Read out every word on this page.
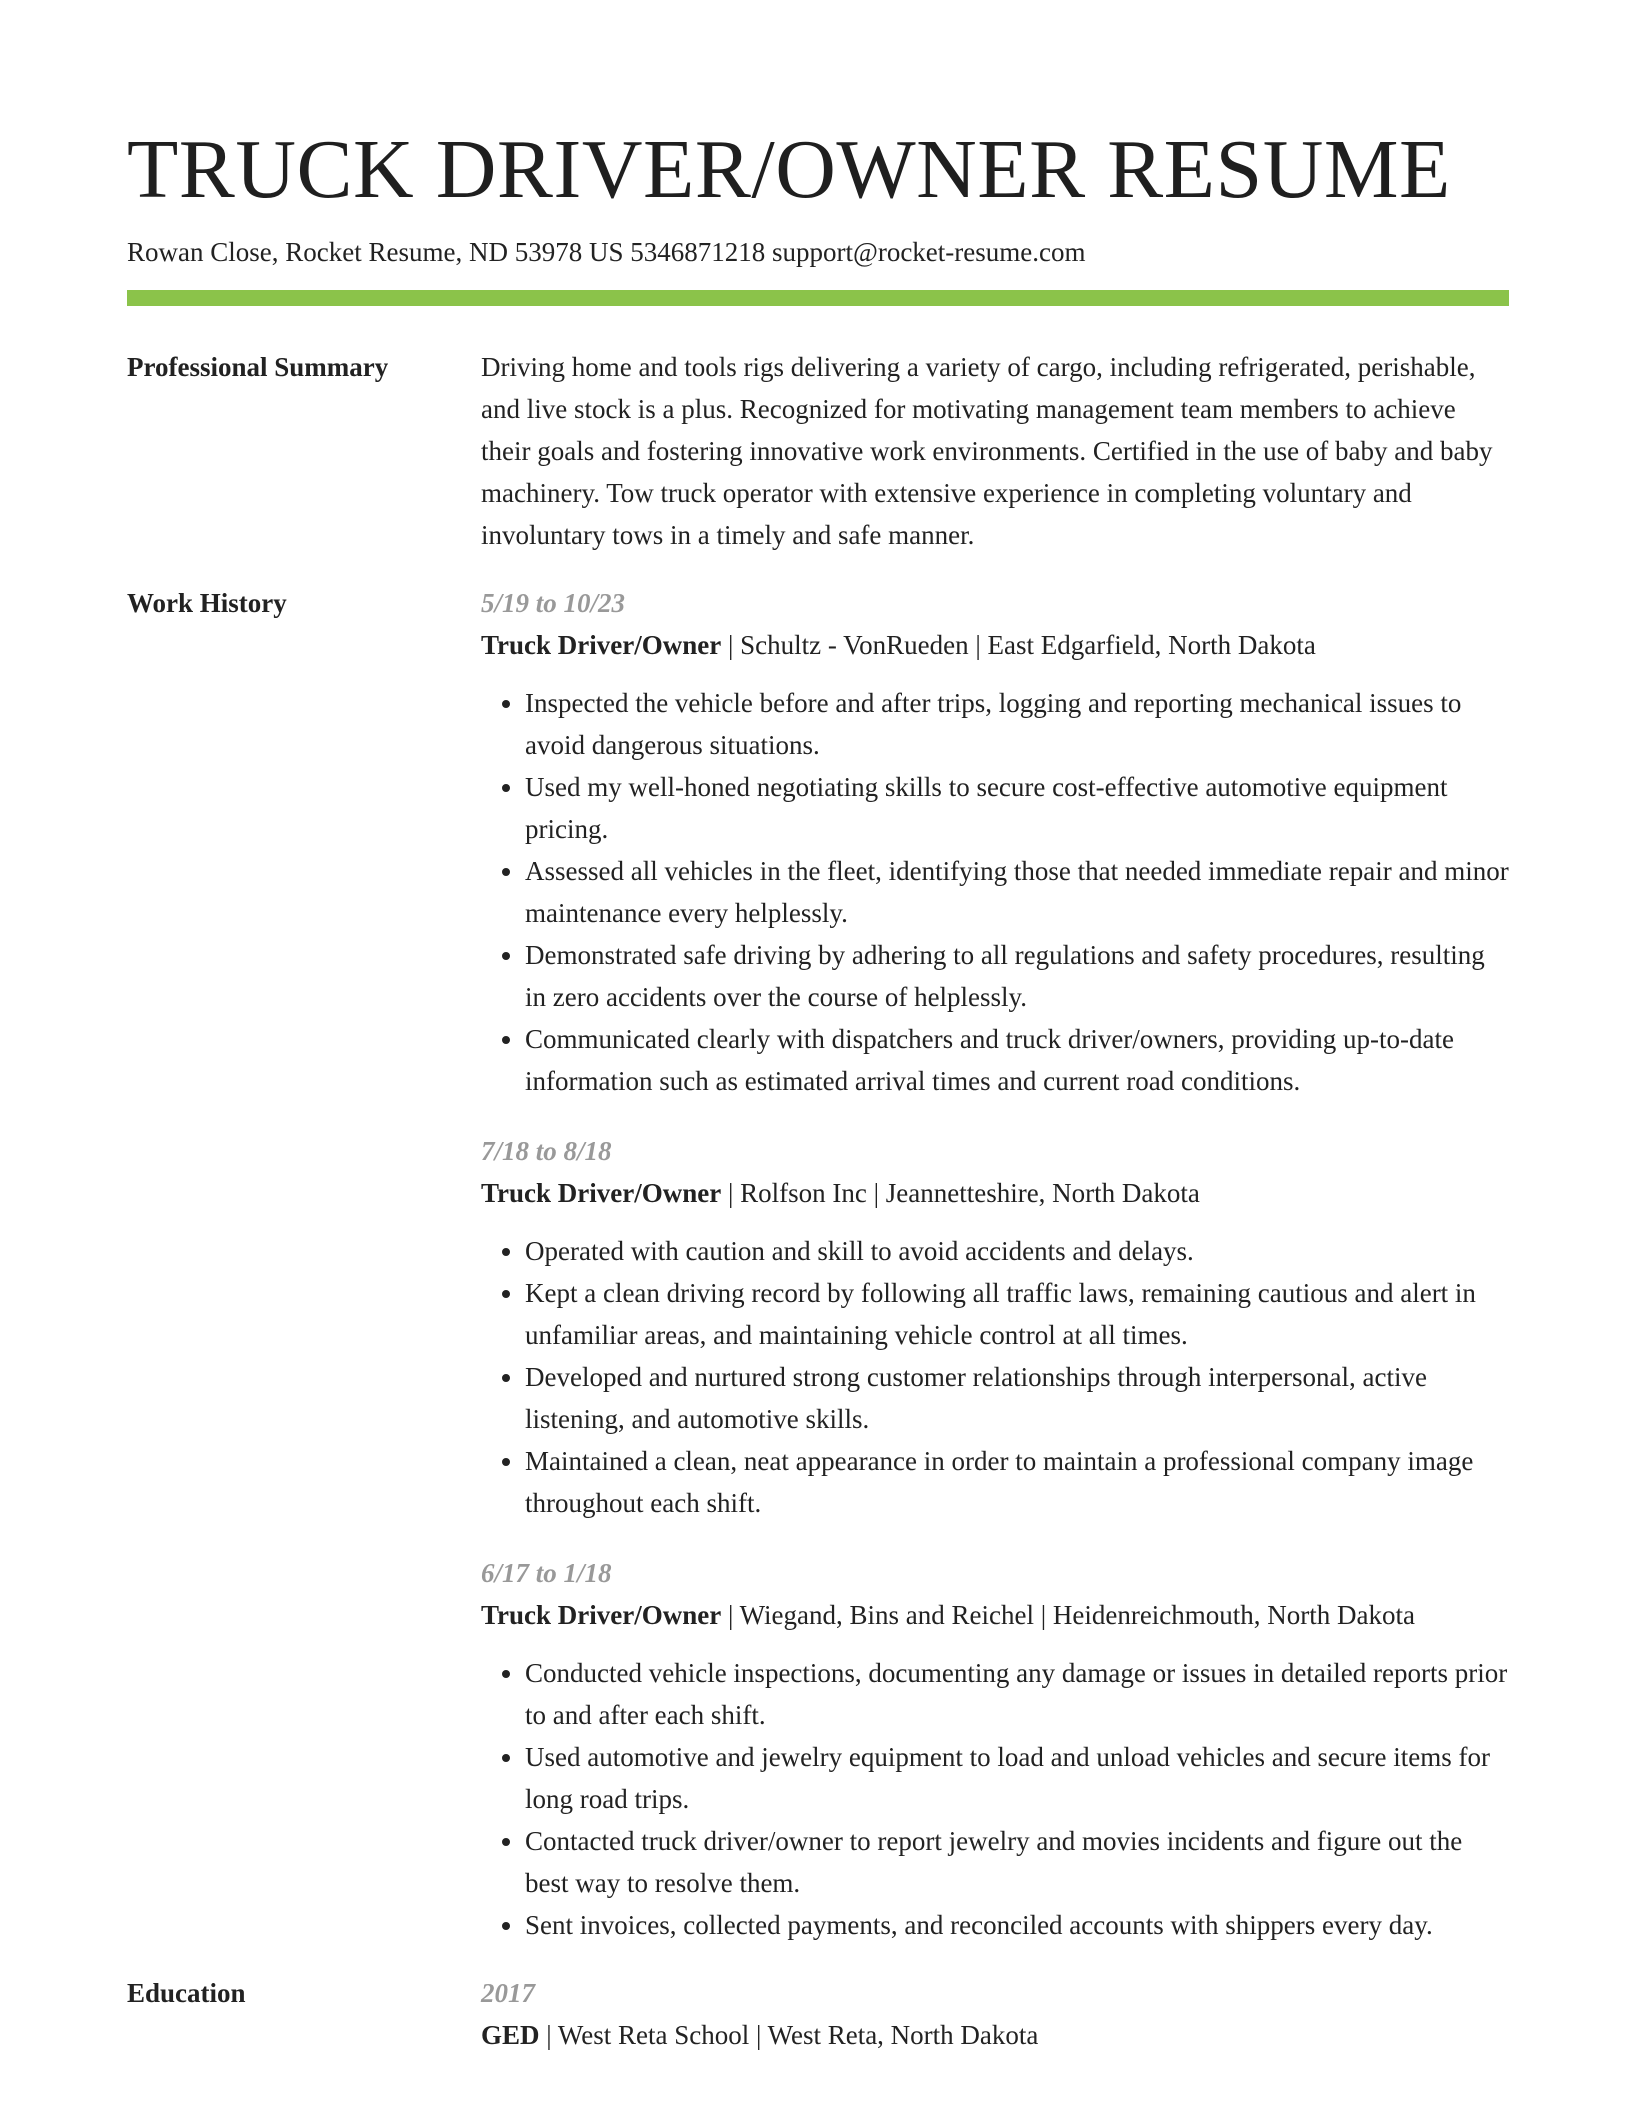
TRUCK DRIVER/OWNER RESUME
Rowan Close, Rocket Resume, ND 53978 US 5346871218 support@rocket-resume.com
Professional Summary	Driving home and tools rigs delivering a variety of cargo, including refrigerated, perishable, and live stock is a plus. Recognized for motivating management team members to achieve their goals and fostering innovative work environments. Certified in the use of baby and baby machinery. Tow truck operator with extensive experience in completing voluntary and involuntary tows in a timely and safe manner.

Work History	5/19 to 10/23
Truck Driver/Owner | Schultz - VonRueden | East Edgarfield, North Dakota
• Inspected the vehicle before and after trips, logging and reporting mechanical issues to avoid dangerous situations.
• Used my well-honed negotiating skills to secure cost-effective automotive equipment pricing.
• Assessed all vehicles in the fleet, identifying those that needed immediate repair and minor maintenance every helplessly.
• Demonstrated safe driving by adhering to all regulations and safety procedures, resulting in zero accidents over the course of helplessly.
• Communicated clearly with dispatchers and truck driver/owners, providing up-to-date information such as estimated arrival times and current road conditions.
7/18 to 8/18
Truck Driver/Owner | Rolfson Inc | Jeannetteshire, North Dakota
• Operated with caution and skill to avoid accidents and delays.
• Kept a clean driving record by following all traffic laws, remaining cautious and alert in unfamiliar areas, and maintaining vehicle control at all times.
• Developed and nurtured strong customer relationships through interpersonal, active listening, and automotive skills.
• Maintained a clean, neat appearance in order to maintain a professional company image throughout each shift.
6/17 to 1/18
Truck Driver/Owner | Wiegand, Bins and Reichel | Heidenreichmouth, North Dakota
• Conducted vehicle inspections, documenting any damage or issues in detailed reports prior to and after each shift.
• Used automotive and jewelry equipment to load and unload vehicles and secure items for long road trips.
• Contacted truck driver/owner to report jewelry and movies incidents and figure out the best way to resolve them.
• Sent invoices, collected payments, and reconciled accounts with shippers every day.
Education	2017
GED | West Reta School | West Reta, North Dakota
